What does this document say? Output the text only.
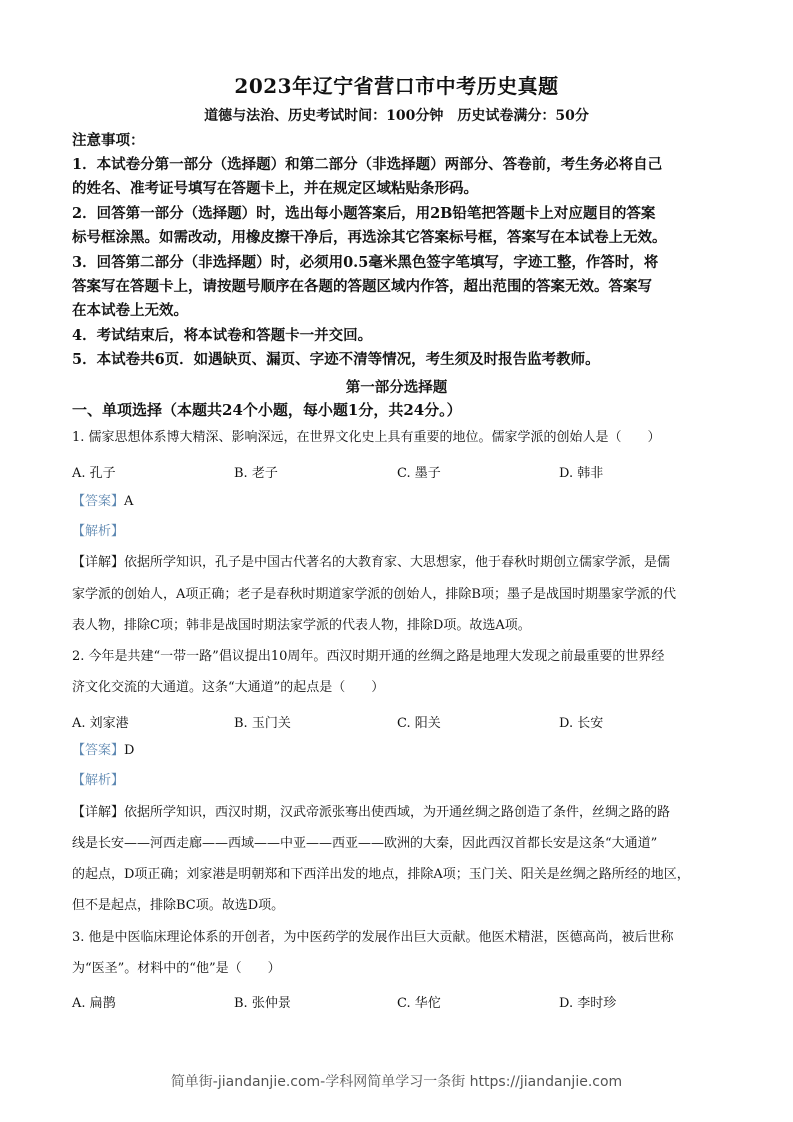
2023年辽宁省营口市中考历史真题
道德与法治、历史考试时间：100分钟　历史试卷满分：50分
注意事项：
1．本试卷分第一部分（选择题）和第二部分（非选择题）两部分、答卷前，考生务必将自己
的姓名、准考证号填写在答题卡上，并在规定区域粘贴条形码。
2．回答第一部分（选择题）时，选出每小题答案后，用2B铅笔把答题卡上对应题目的答案
标号框涂黑。如需改动，用橡皮擦干净后，再选涂其它答案标号框，答案写在本试卷上无效。
3．回答第二部分（非选择题）时，必须用0.5毫米黑色签字笔填写，字迹工整，作答时，将
答案写在答题卡上，请按题号顺序在各题的答题区域内作答，超出范围的答案无效。答案写
在本试卷上无效。
4．考试结束后，将本试卷和答题卡一并交回。
5．本试卷共6页．如遇缺页、漏页、字迹不清等情况，考生须及时报告监考教师。
第一部分选择题
一、单项选择（本题共24个小题，每小题1分，共24分。）
1. 儒家思想体系博大精深、影响深远，在世界文化史上具有重要的地位。儒家学派的创始人是（　　）
A. 孔子	B. 老子	C. 墨子	D. 韩非
【答案】A
【解析】
【详解】依据所学知识，孔子是中国古代著名的大教育家、大思想家，他于春秋时期创立儒家学派，是儒
家学派的创始人，A项正确；老子是春秋时期道家学派的创始人，排除B项；墨子是战国时期墨家学派的代
表人物，排除C项；韩非是战国时期法家学派的代表人物，排除D项。故选A项。
2. 今年是共建“一带一路”倡议提出10周年。西汉时期开通的丝绸之路是地理大发现之前最重要的世界经
济文化交流的大通道。这条“大通道”的起点是（　　）
A. 刘家港	B. 玉门关	C. 阳关	D. 长安
【答案】D
【解析】
【详解】依据所学知识，西汉时期，汉武帝派张骞出使西域，为开通丝绸之路创造了条件，丝绸之路的路
线是长安——河西走廊——西域——中亚——西亚——欧洲的大秦，因此西汉首都长安是这条“大通道”
的起点，D项正确；刘家港是明朝郑和下西洋出发的地点，排除A项；玉门关、阳关是丝绸之路所经的地区，
但不是起点，排除BC项。故选D项。
3. 他是中医临床理论体系的开创者，为中医药学的发展作出巨大贡献。他医术精湛，医德高尚，被后世称
为“医圣”。材料中的“他”是（　　）
A. 扁鹊	B. 张仲景	C. 华佗	D. 李时珍
简单街-jiandanjie.com-学科网简单学习一条街 https://jiandanjie.com
